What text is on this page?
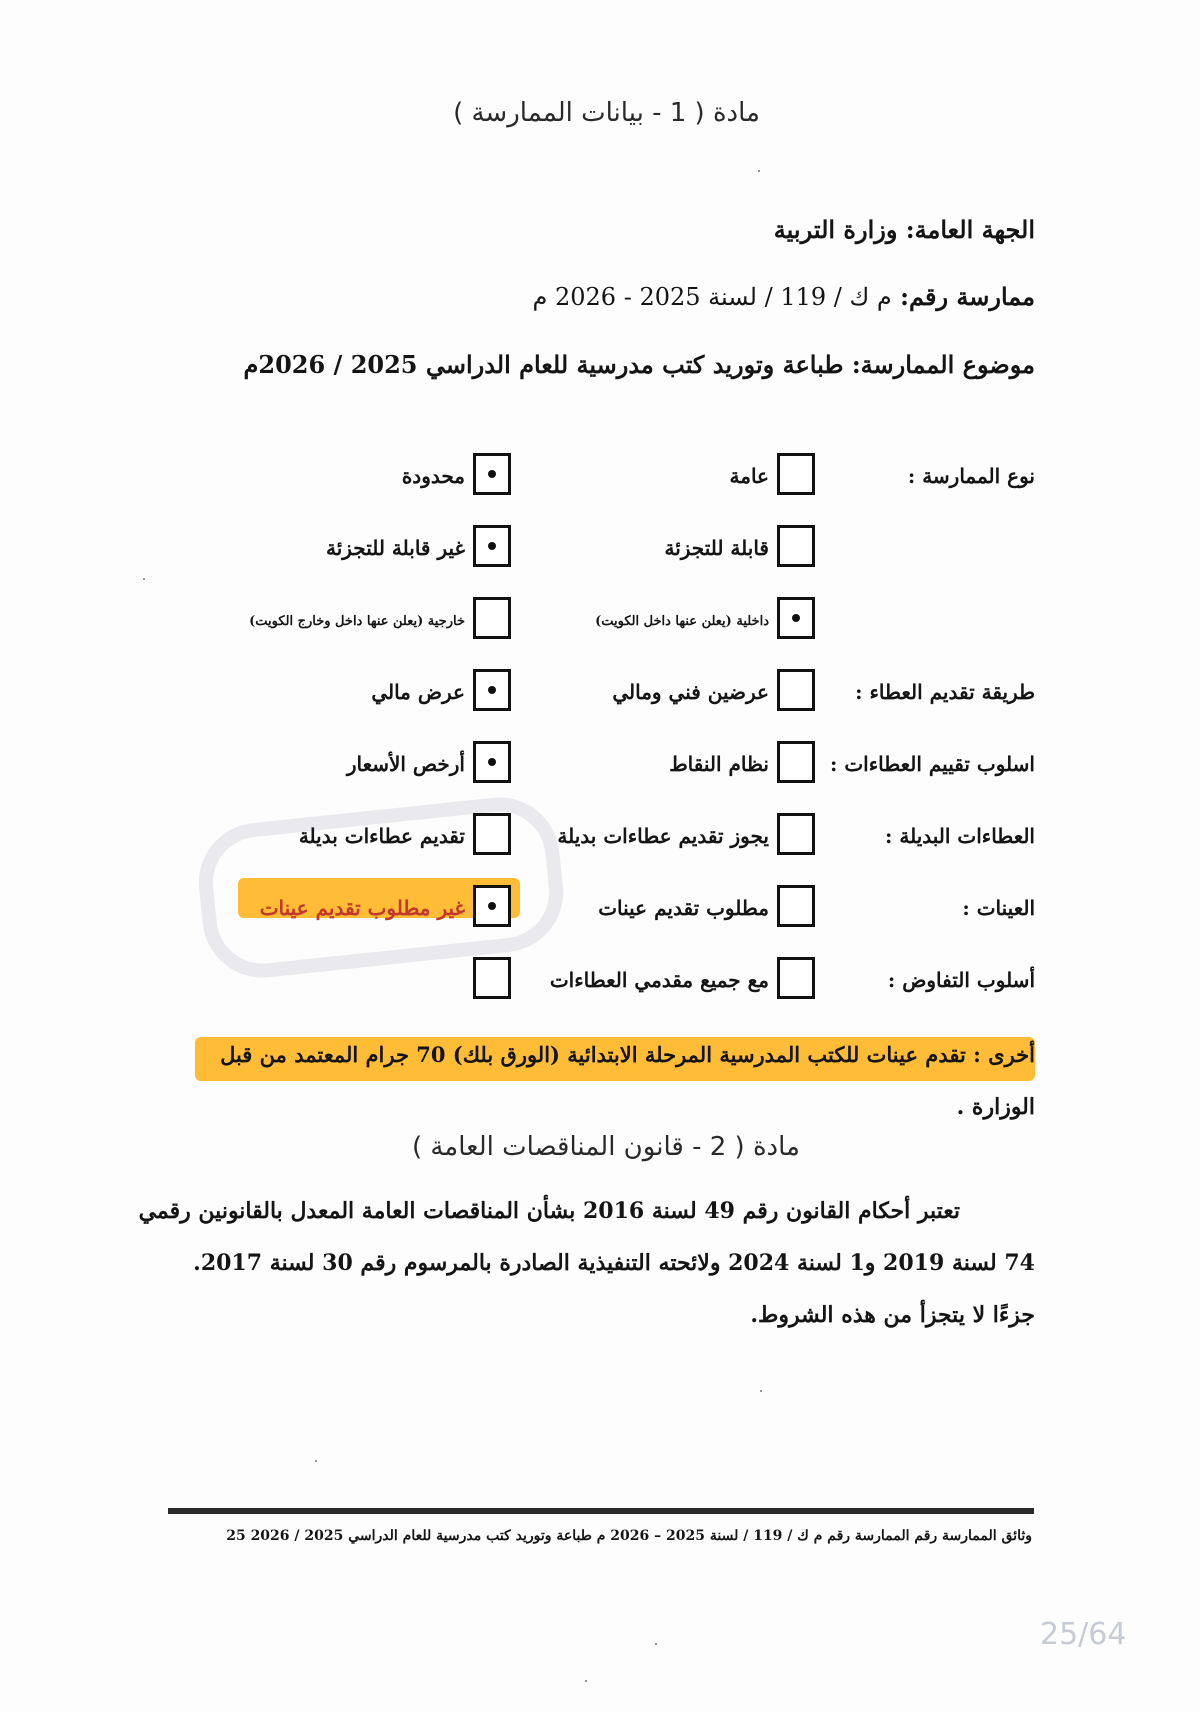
مادة ( 1 - بيانات الممارسة )
الجهة العامة: وزارة التربية
ممارسة رقم: م ك / 119 / لسنة 2025 - 2026 م
موضوع الممارسة: طباعة وتوريد كتب مدرسية للعام الدراسي 2025 / 2026م
نوع الممارسة :
عامة
محدودة
قابلة للتجزئة
غير قابلة للتجزئة
داخلية (يعلن عنها داخل الكويت)
خارجية (يعلن عنها داخل وخارج الكويت)
طريقة تقديم العطاء :
عرضين فني ومالي
عرض مالي
اسلوب تقييم العطاءات :
نظام النقاط
أرخص الأسعار
العطاءات البديلة :
يجوز تقديم عطاءات بديلة
تقديم عطاءات بديلة
العينات :
مطلوب تقديم عينات
غير مطلوب تقديم عينات
أسلوب التفاوض :
مع جميع مقدمي العطاءات
أخرى : تقدم عينات للكتب المدرسية المرحلة الابتدائية (الورق بلك) 70 جرام المعتمد من قبل
الوزارة .
مادة ( 2 - قانون المناقصات العامة )
تعتبر أحكام القانون رقم 49 لسنة 2016 بشأن المناقصات العامة المعدل بالقانونين رقمي
74 لسنة 2019 و1 لسنة 2024 ولائحته التنفيذية الصادرة بالمرسوم رقم 30 لسنة 2017.
جزءًا لا يتجزأ من هذه الشروط.
وثائق الممارسة رقم الممارسة رقم م ك / 119 / لسنة 2025 – 2026 م طباعة وتوريد كتب مدرسية للعام الدراسي 2025 / 2026 25
25/64
